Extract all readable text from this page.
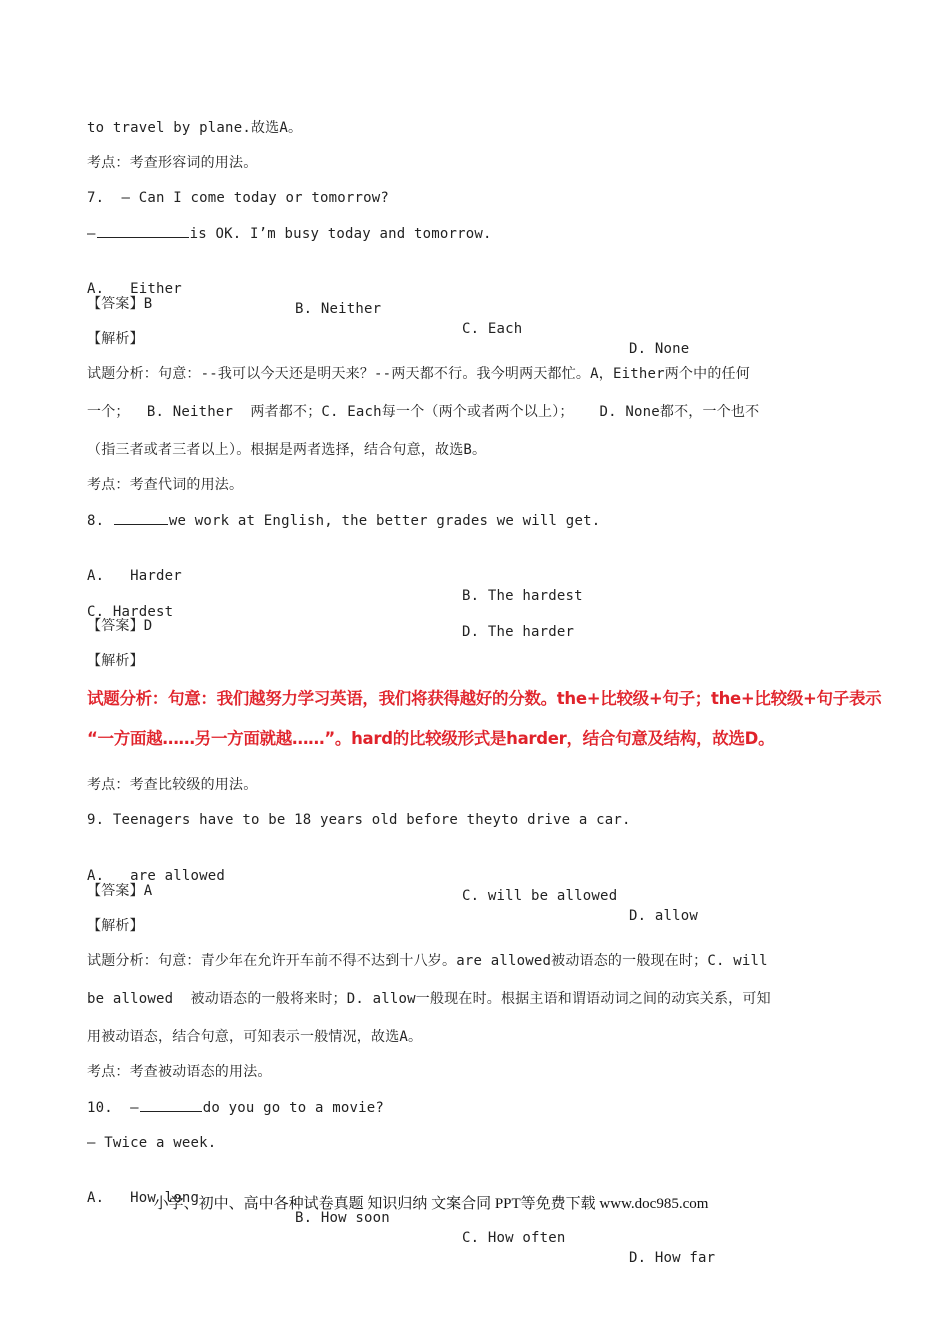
to travel by plane.故选A。
考点：考查形容词的用法。
7.  — Can I come today or tomorrow?
—	is OK. I’m busy today and tomorrow.

A.   Either

B. Neither

C. Each

D. None

【答案】B
【解析】
试题分析：句意：--我可以今天还是明天来？--两天都不行。我今明两天都忙。A，Either两个中的任何
一个；  B. Neither  两者都不；C. Each每一个（两个或者两个以上）；   D. None都不，一个也不
（指三者或者三者以上）。根据是两者选择，结合句意，故选B。
考点：考查代词的用法。
8.	we work at English, the better grades we will get.

A.   Harder

B. The hardest

C. Hardest

D. The harder

【答案】D
【解析】
试题分析：句意：我们越努力学习英语，我们将获得越好的分数。the+比较级+句子；the+比较级+句子表示
“一方面越……另一方面就越……”。hard的比较级形式是harder，结合句意及结构，故选D。
考点：考查比较级的用法。
9. Teenagers have to be 18 years old before theyto drive a car.

A.   are allowed

C. will be allowed

D. allow

【答案】A
【解析】
试题分析：句意：青少年在允许开车前不得不达到十八岁。are allowed被动语态的一般现在时；C. will
be allowed  被动语态的一般将来时；D. allow一般现在时。根据主语和谓语动词之间的动宾关系，可知
用被动语态，结合句意，可知表示一般情况，故选A。
考点：考查被动语态的用法。
10.  —	do you go to a movie?
— Twice a week.

A.   How long

B. How soon

C. How often

D. How far

小学、初中、高中各种试卷真题 知识归纳 文案合同 PPT等免费下载 www.doc985.com
